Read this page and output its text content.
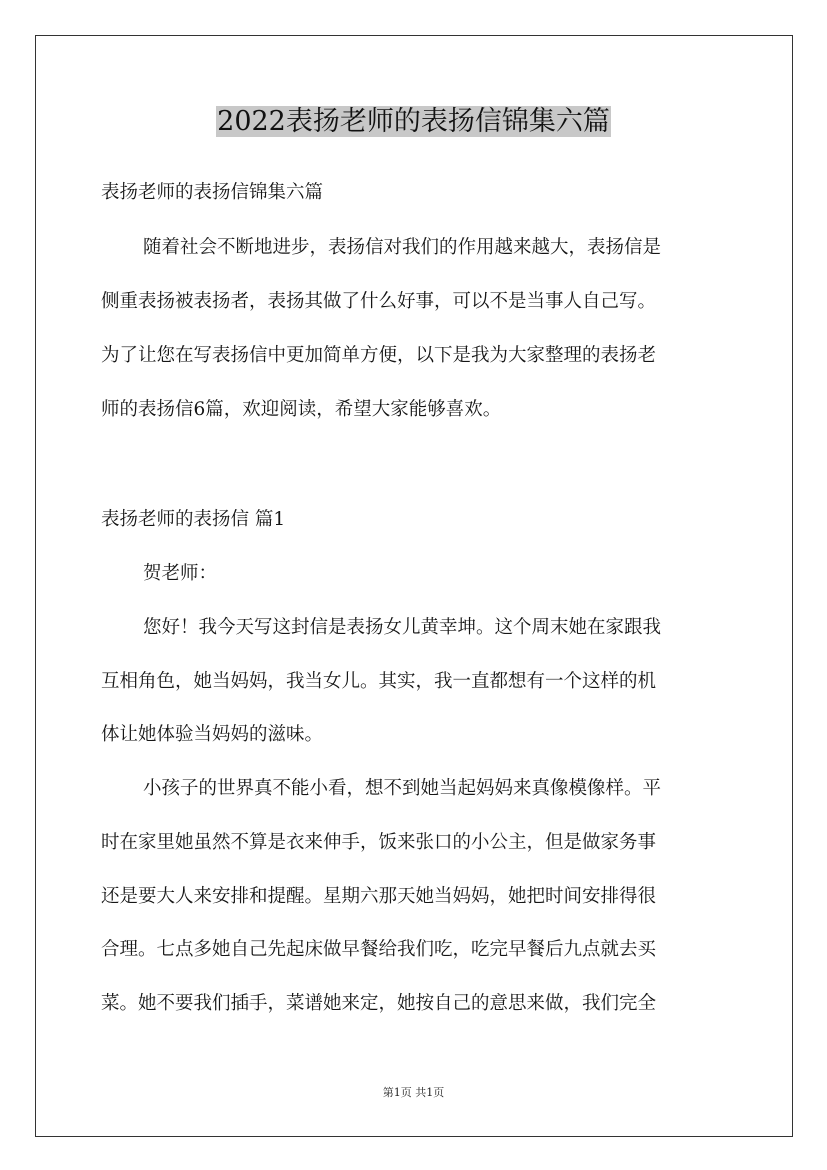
2022表扬老师的表扬信锦集六篇
表扬老师的表扬信锦集六篇
随着社会不断地进步，表扬信对我们的作用越来越大，表扬信是
侧重表扬被表扬者，表扬其做了什么好事，可以不是当事人自己写。
为了让您在写表扬信中更加简单方便，以下是我为大家整理的表扬老
师的表扬信6篇，欢迎阅读，希望大家能够喜欢。
表扬老师的表扬信 篇1
贺老师：
您好！我今天写这封信是表扬女儿黄幸坤。这个周末她在家跟我
互相角色，她当妈妈，我当女儿。其实，我一直都想有一个这样的机
体让她体验当妈妈的滋味。
小孩子的世界真不能小看，想不到她当起妈妈来真像模像样。平
时在家里她虽然不算是衣来伸手，饭来张口的小公主，但是做家务事
还是要大人来安排和提醒。星期六那天她当妈妈，她把时间安排得很
合理。七点多她自己先起床做早餐给我们吃，吃完早餐后九点就去买
菜。她不要我们插手，菜谱她来定，她按自己的意思来做，我们完全
第1页 共1页
